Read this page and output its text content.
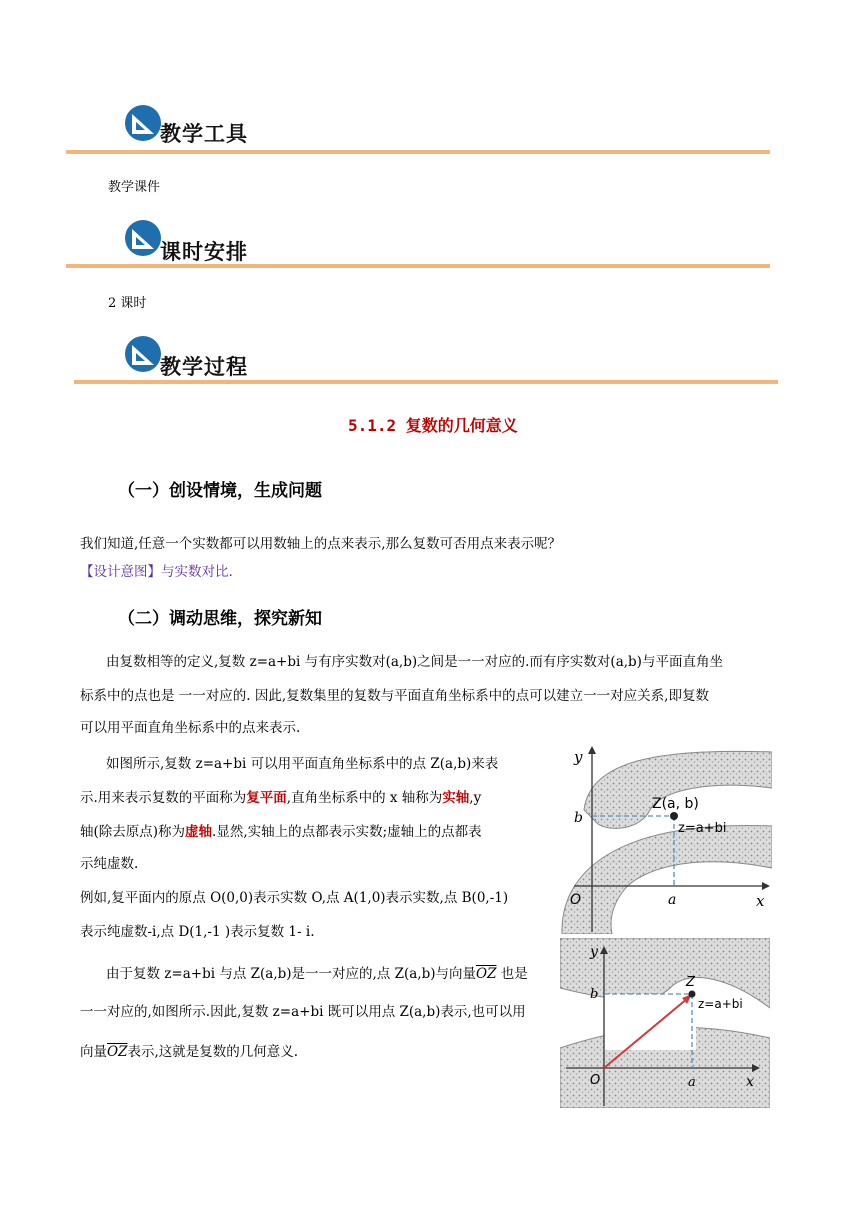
教学工具
教学课件
课时安排
2 课时
教学过程
5.1.2 复数的几何意义
（一）创设情境，生成问题
我们知道,任意一个实数都可以用数轴上的点来表示,那么复数可否用点来表示呢？
【设计意图】与实数对比.
（二）调动思维，探究新知
由复数相等的定义,复数 z=a+bi 与有序实数对(a,b)之间是一一对应的.而有序实数对(a,b)与平面直角坐
标系中的点也是 一一对应的. 因此,复数集里的复数与平面直角坐标系中的点可以建立一一对应关系,即复数
可以用平面直角坐标系中的点来表示.
如图所示,复数 z=a+bi 可以用平面直角坐标系中的点 Z(a,b)来表
示.用来表示复数的平面称为复平面,直角坐标系中的 x 轴称为实轴,y
轴(除去原点)称为虚轴.显然,实轴上的点都表示实数;虚轴上的点都表
示纯虚数.
例如,复平面内的原点 O(0,0)表示实数 O,点 A(1,0)表示实数,点 B(0,-1)
表示纯虚数-i,点 D(1,-1 )表示复数 1- i.
由于复数 z=a+bi 与点 Z(a,b)是一一对应的,点 Z(a,b)与向量$\overline{OZ}$ 也是
一一对应的,如图所示.因此,复数 z=a+bi 既可以用点 Z(a,b)表示,也可以用
向量$\overline{OZ}$表示,这就是复数的几何意义.
y
x
O	a
b
Z(a, b)
z=a+bi
y
x
O	a
b
Z
z=a+bi
